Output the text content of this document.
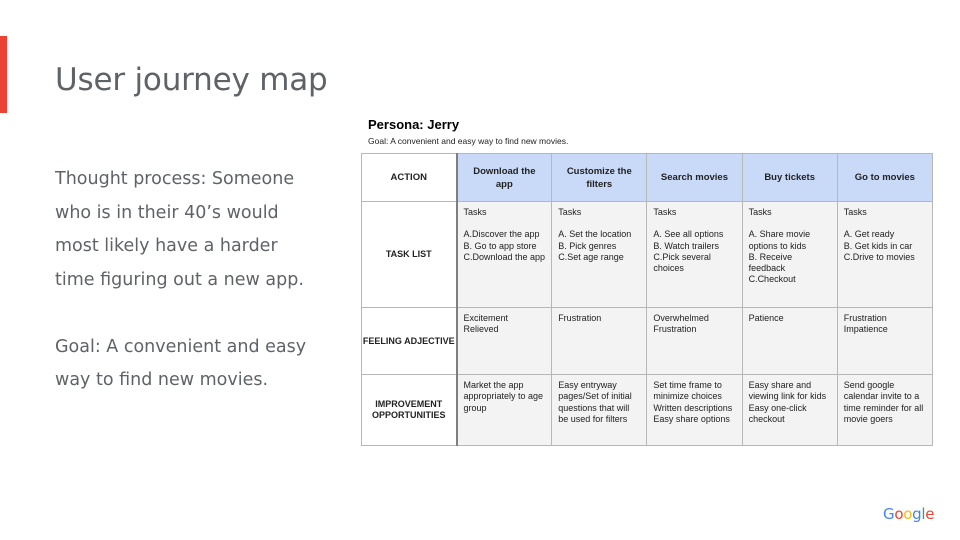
User journey map

Thought process: Someone who is in their 40’s would most likely have a harder time figuring out a new app.

Goal: A convenient and easy way to find new movies.

Persona: Jerry
Goal: A convenient and easy way to find new movies.
ACTION	Download the app	Customize the filters	Search movies	Buy tickets	Go to movies
TASK LIST	Tasks
A.Discover the app
B. Go to app store
C.Download the app	Tasks
A. Set the location
B. Pick genres
C.Set age range	Tasks
A. See all options
B. Watch trailers
C.Pick several choices	Tasks
A. Share movie options to kids
B. Receive feedback
C.Checkout	Tasks
A. Get ready
B. Get kids in car
C.Drive to movies

FEELING ADJECTIVE	Excitement
Relieved	Frustration	Overwhelmed
Frustration	Patience	Frustration
Impatience

IMPROVEMENT OPPORTUNITIES	Market the app appropriately to age group	Easy entryway pages/Set of initial questions that will be used for filters	Set time frame to minimize choices
Written descriptions
Easy share options	Easy share and viewing link for kids
Easy one-click checkout	Send google calendar invite to a time reminder for all movie goers
Google
